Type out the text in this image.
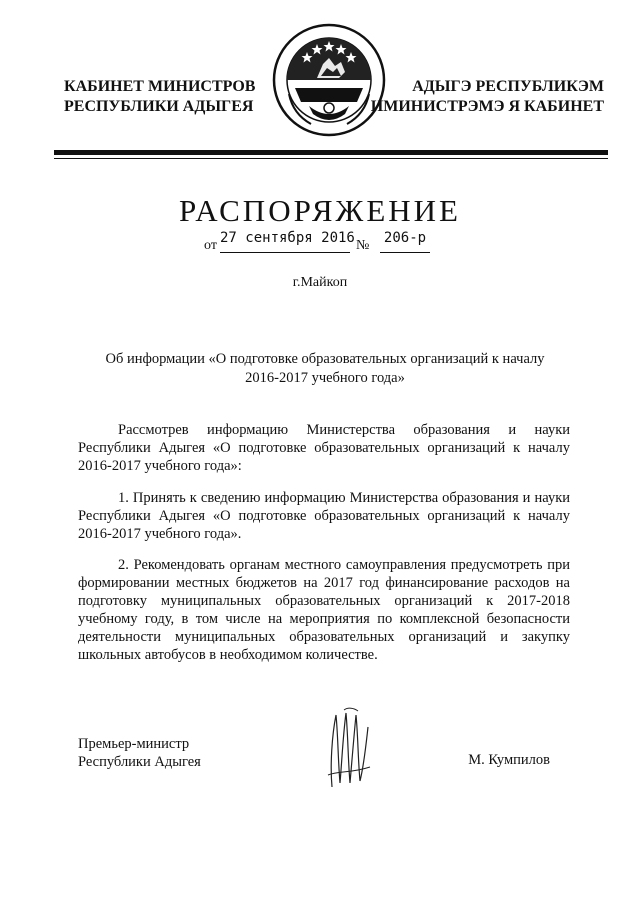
КАБИНЕТ МИНИСТРОВ
РЕСПУБЛИКИ АДЫГЕЯ
АДЫГЭ РЕСПУБЛИКЭМ
ИМИНИСТРЭМЭ Я КАБИНЕТ
РАСПОРЯЖЕНИЕ
от 27 сентября 2016 № 206-р
г.Майкоп
Об информации «О подготовке образовательных организаций к началу
2016-2017 учебного года»
Рассмотрев информацию Министерства образования и науки Республики Адыгея «О подготовке образовательных организаций к началу 2016-2017 учебного года»:
1. Принять к сведению информацию Министерства образования и науки Республики Адыгея «О подготовке образовательных организаций к началу 2016-2017 учебного года».
2. Рекомендовать органам местного самоуправления предусмотреть при формировании местных бюджетов на 2017 год финансирование расходов на подготовку муниципальных образовательных организаций к 2017-2018 учебному году, в том числе на мероприятия по комплексной безопасности деятельности муниципальных образовательных организаций и закупку школьных автобусов в необходимом количестве.
Премьер-министр
Республики Адыгея	М. Кумпилов
